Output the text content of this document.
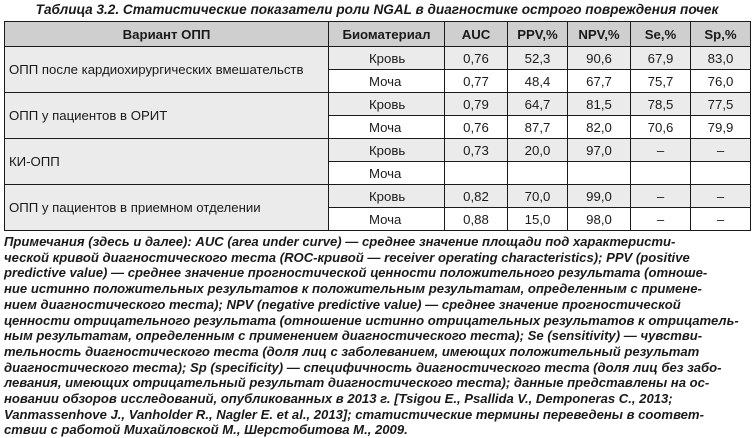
Таблица 3.2. Статистические показатели роли NGAL в диагностике острого повреждения почек
Вариант ОПП	Биоматериал	AUC	PPV,%	NPV,%	Se,%	Sp,%
ОПП после кардиохирургических вмешательств	Кровь	0,76	52,3	90,6	67,9	83,0
	Моча	0,77	48,4	67,7	75,7	76,0
ОПП у пациентов в ОРИТ	Кровь	0,79	64,7	81,5	78,5	77,5
	Моча	0,76	87,7	82,0	70,6	79,9
КИ-ОПП	Кровь	0,73	20,0	97,0	–	–
	Моча					
ОПП у пациентов в приемном отделении	Кровь	0,82	70,0	99,0	–	–
	Моча	0,88	15,0	98,0	–	–
Примечания (здесь и далее): AUC (area under curve) — среднее значение площади под характеристи-
ческой кривой диагностического теста (ROC-кривой — receiver operating characteristics); PPV (positive
predictive value) — среднее значение прогностической ценности положительного результата (отноше-
ние истинно положительных результатов к положительным результатам, определенным с примене-
нием диагностического теста); NPV (negative predictive value) — среднее значение прогностической
ценности отрицательного результата (отношение истинно отрицательных результатов к отрицатель-
ным результатам, определенным с применением диагностического теста); Se (sensitivity) — чувстви-
тельность диагностического теста (доля лиц с заболеванием, имеющих положительный результат
диагностического теста); Sp (specificity) — специфичность диагностического теста (доля лиц без забо-
левания, имеющих отрицательный результат диагностического теста); данные представлены на ос-
новании обзоров исследований, опубликованных в 2013 г. [Tsigou E., Psallida V., Demponeras C., 2013;
Vanmassenhove J., Vanholder R., Nagler E. et al., 2013]; статистические термины переведены в соответ-
ствии с работой Михайловской М., Шерстобитова М., 2009.
